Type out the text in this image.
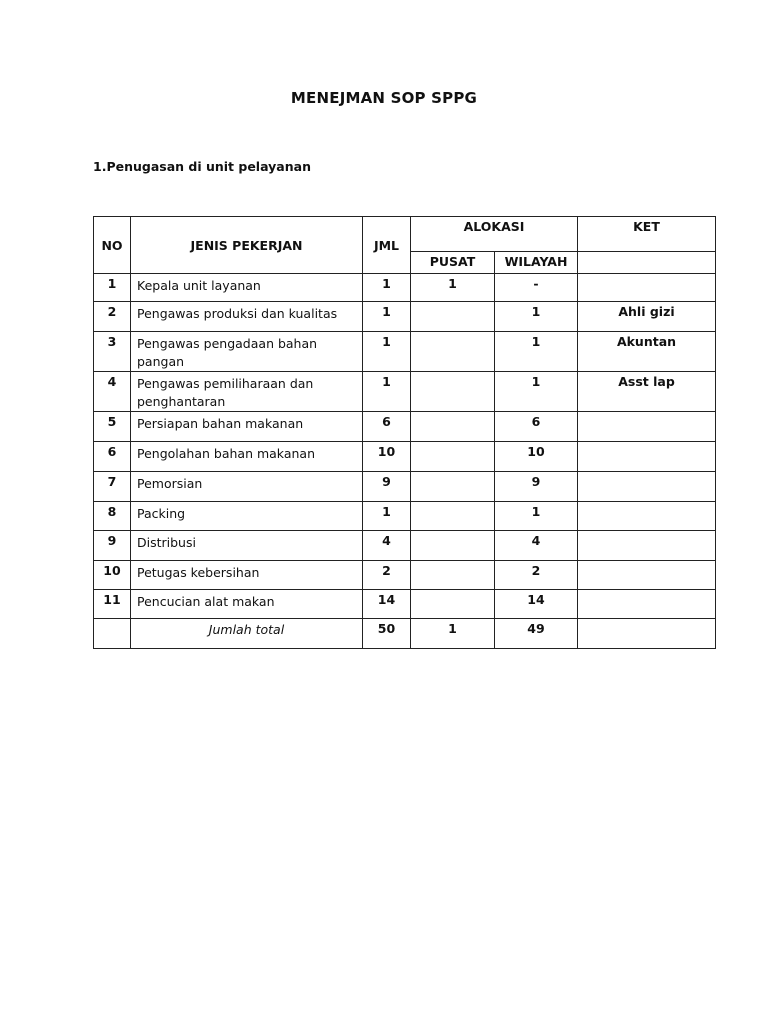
MENEJMAN SOP SPPG
1.Penugasan di unit pelayanan
NO	JENIS PEKERJAN	JML	ALOKASI		KET
			PUSAT	WILAYAH	
1	Kepala unit layanan	1	1	-	
2	Pengawas produksi dan kualitas	1		1	Ahli gizi
3	Pengawas pengadaan bahan pangan	1		1	Akuntan
4	Pengawas pemiliharaan dan penghantaran	1		1	Asst lap
5	Persiapan bahan makanan	6		6	
6	Pengolahan bahan makanan	10		10	
7	Pemorsian	9		9	
8	Packing	1		1	
9	Distribusi	4		4	
10	Petugas kebersihan	2		2	
11	Pencucian alat makan	14		14	
	Jumlah total	50	1	49	
